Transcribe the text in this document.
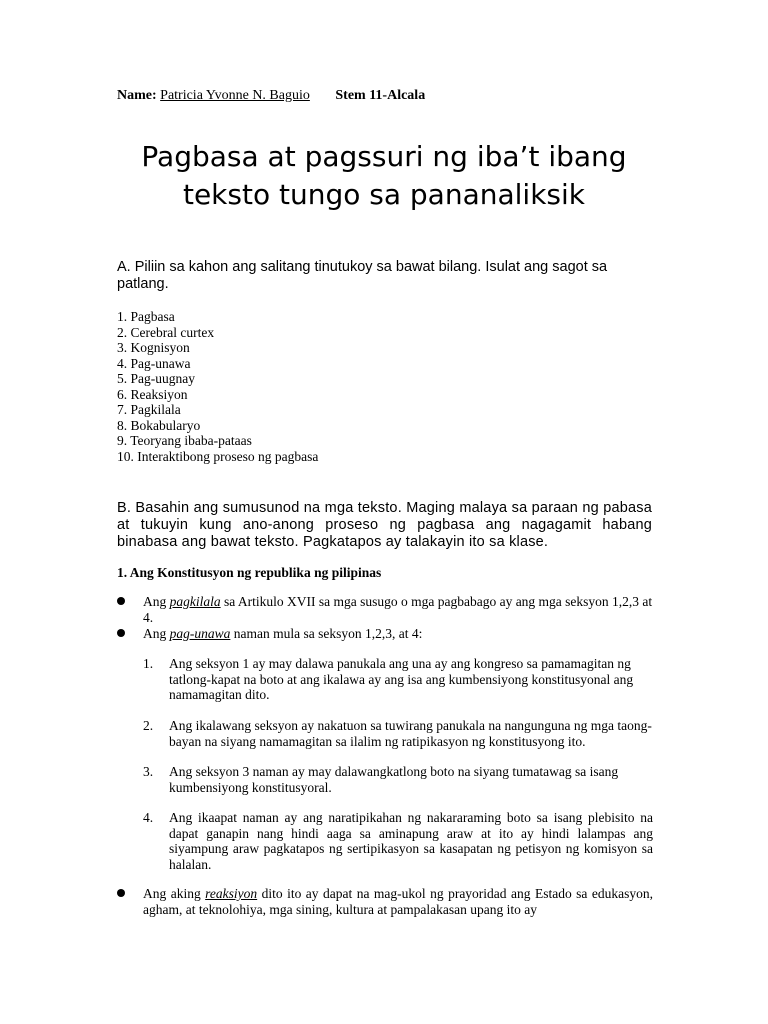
Name: Patricia Yvonne N. Baguio Stem 11-Alcala
Pagbasa at pagssuri ng iba’t ibang
teksto tungo sa pananaliksik
A. Piliin sa kahon ang salitang tinutukoy sa bawat bilang. Isulat ang sagot sa patlang.
1. Pagbasa
2. Cerebral curtex
3. Kognisyon
4. Pag-unawa
5. Pag-uugnay
6. Reaksiyon
7. Pagkilala
8. Bokabularyo
9. Teoryang ibaba-pataas
10. Interaktibong proseso ng pagbasa
B. Basahin ang sumusunod na mga teksto. Maging malaya sa paraan ng pabasa at tukuyin kung ano-anong proseso ng pagbasa ang nagagamit habang binabasa ang bawat teksto. Pagkatapos ay talakayin ito sa klase.
1. Ang Konstitusyon ng republika ng pilipinas
Ang pagkilala sa Artikulo XVII sa mga susugo o mga pagbabago ay ang mga seksyon 1,2,3 at 4.
Ang pag-unawa naman mula sa seksyon 1,2,3, at 4:
1. Ang seksyon 1 ay may dalawa panukala ang una ay ang kongreso sa pamamagitan ng tatlong-kapat na boto at ang ikalawa ay ang isa ang kumbensiyong konstitusyonal ang namamagitan dito.
2. Ang ikalawang seksyon ay nakatuon sa tuwirang panukala na nangunguna ng mga taong-bayan na siyang namamagitan sa ilalim ng ratipikasyon ng konstitusyong ito.
3. Ang seksyon 3 naman ay may dalawangkatlong boto na siyang tumatawag sa isang kumbensiyong konstitusyoral.
4. Ang ikaapat naman ay ang naratipikahan ng nakararaming boto sa isang plebisito na dapat ganapin nang hindi aaga sa aminapung araw at ito ay hindi lalampas ang siyampung araw pagkatapos ng sertipikasyon sa kasapatan ng petisyon ng komisyon sa halalan.
Ang aking reaksiyon dito ito ay dapat na mag-ukol ng prayoridad ang Estado sa edukasyon, agham, at teknolohiya, mga sining, kultura at pampalakasan upang ito ay
